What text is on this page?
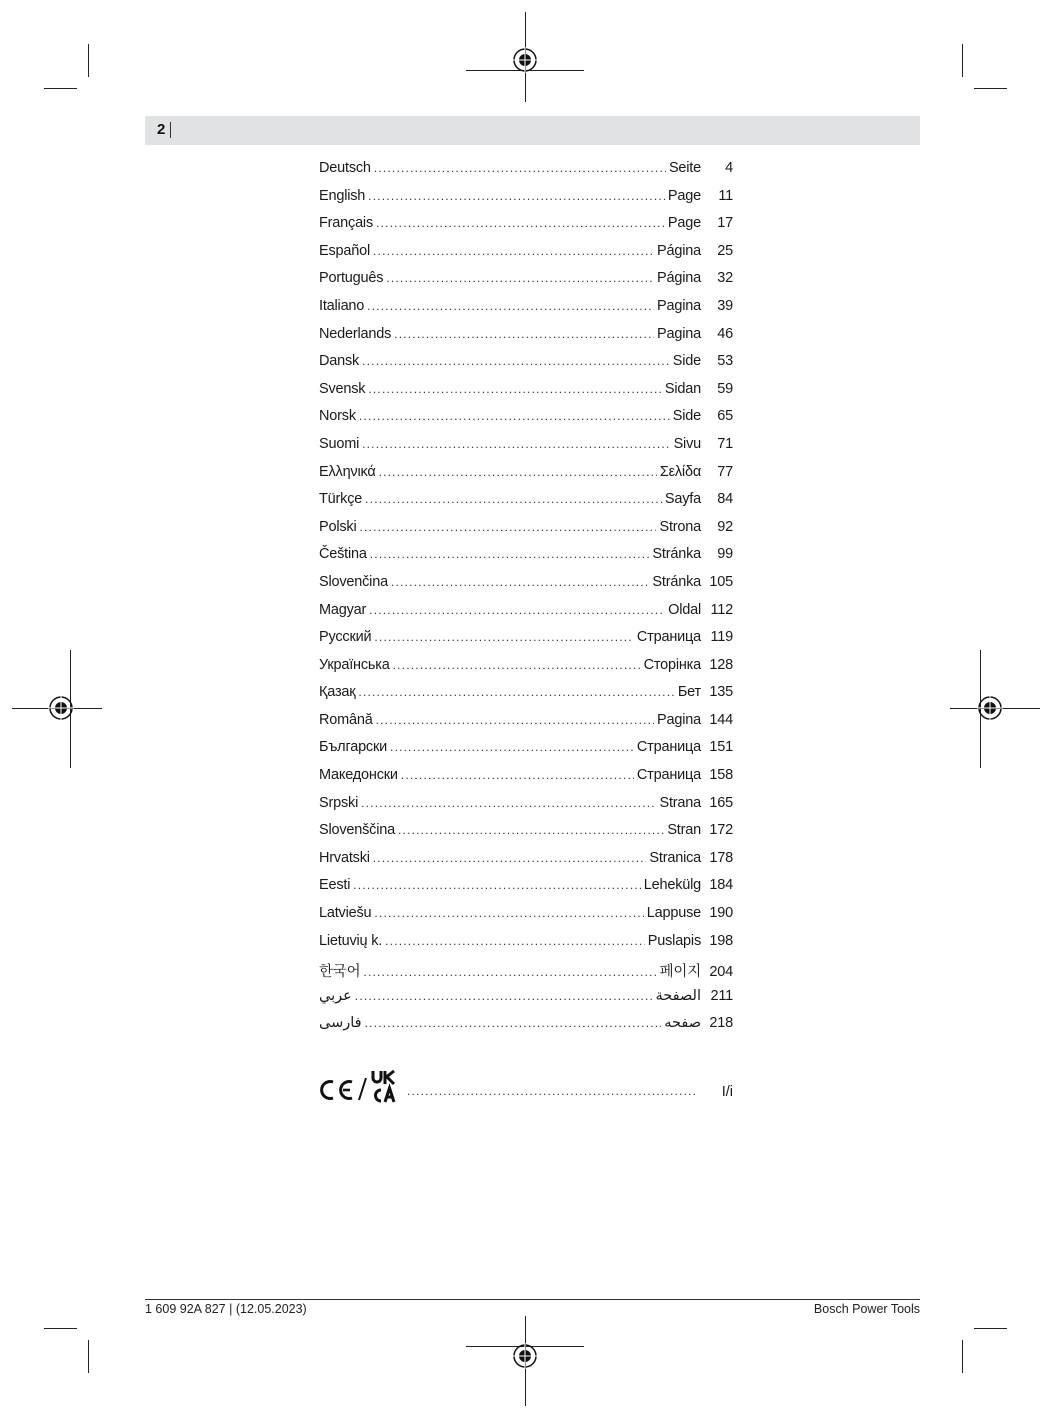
2
Deutsch .....	Seite	4
English .....	Page	11
Français .....	Page	17
Español .....	Página	25
Português .....	Página	32
Italiano .....	Pagina	39
Nederlands .....	Pagina	46
Dansk .....	Side	53
Svensk .....	Sidan	59
Norsk .....	Side	65
Suomi .....	Sivu	71
Ελληνικά .....	Σελίδα	77
Türkçe .....	Sayfa	84
Polski .....	Strona	92
Čeština .....	Stránka	99
Slovenčina .....	Stránka 105
Magyar .....	Oldal 112
Русский .....	Страница 119
Українська .....	Сторінка 128
Қазақ .....	Бет 135
Română .....	Pagina 144
Български .....	Страница 151
Македонски .....	Страница 158
Srpski .....	Strana 165
Slovenščina .....	Stran 172
Hrvatski .....	Stranica 178
Eesti .....	Lehekülg 184
Latviešu .....	Lappuse 190
Lietuvių k. .....	Puslapis 198
한국어 .....	페이지 204
عربي .....	الصفحة 211
فارسی .....	صفحه 218
.....
I/i
1 609 92A 827 | (12.05.2023)	Bosch Power Tools
